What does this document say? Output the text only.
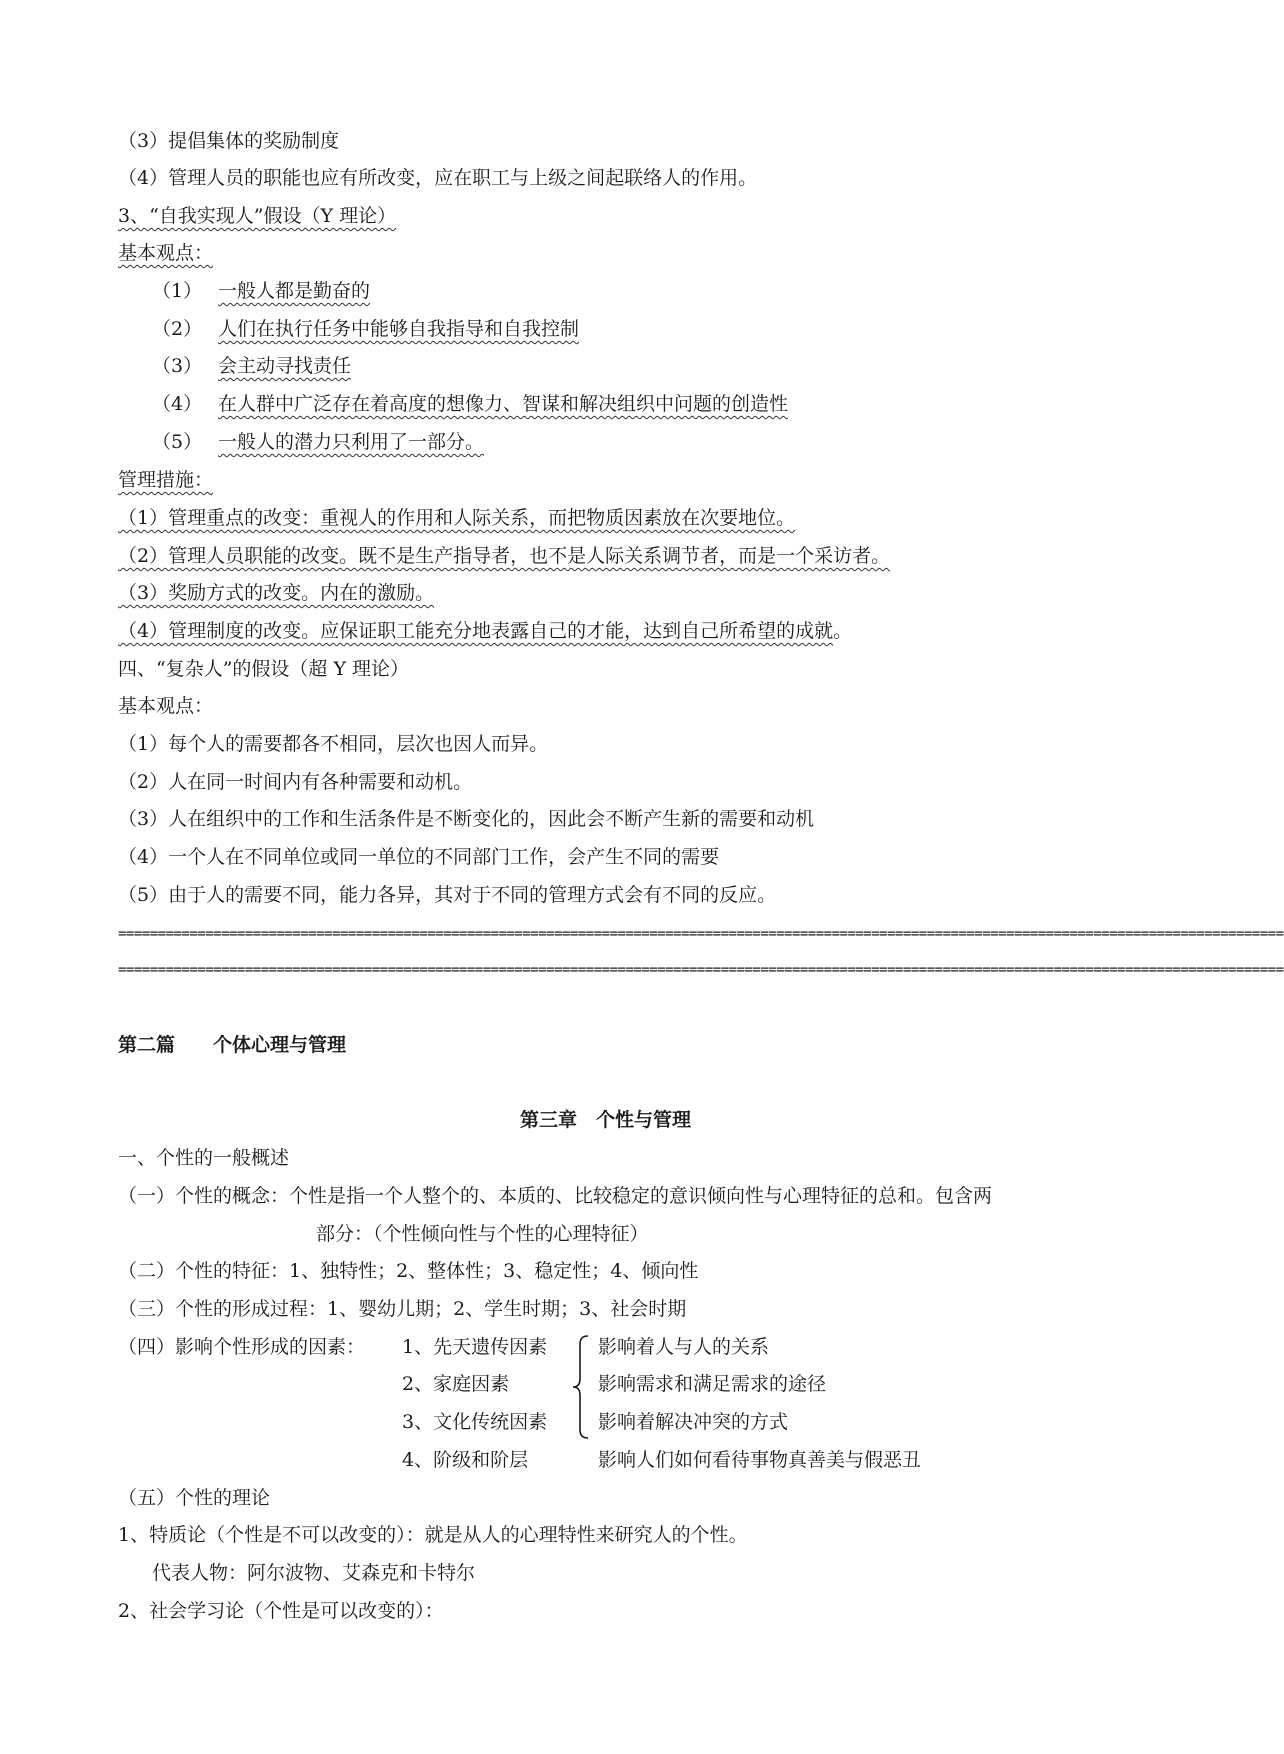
（3）提倡集体的奖励制度
（4）管理人员的职能也应有所改变，应在职工与上级之间起联络人的作用。
3、“自我实现人”假设（Y 理论）
基本观点：
（1） 一般人都是勤奋的
（2） 人们在执行任务中能够自我指导和自我控制
（3） 会主动寻找责任
（4） 在人群中广泛存在着高度的想像力、智谋和解决组织中问题的创造性
（5） 一般人的潜力只利用了一部分。
管理措施：
（1）管理重点的改变：重视人的作用和人际关系，而把物质因素放在次要地位。
（2）管理人员职能的改变。既不是生产指导者，也不是人际关系调节者，而是一个采访者。
（3）奖励方式的改变。内在的激励。
（4）管理制度的改变。应保证职工能充分地表露自己的才能，达到自己所希望的成就。
四、“复杂人”的假设（超 Y 理论）
基本观点：
（1）每个人的需要都各不相同，层次也因人而异。
（2）人在同一时间内有各种需要和动机。
（3）人在组织中的工作和生活条件是不断变化的，因此会不断产生新的需要和动机
（4）一个人在不同单位或同一单位的不同部门工作，会产生不同的需要
（5）由于人的需要不同，能力各异，其对于不同的管理方式会有不同的反应。
===================================================================================================================================================
===================================================================================================================================================
第二篇　　个体心理与管理
第三章　个性与管理
一、个性的一般概述
（一）个性的概念：个性是指一个人整个的、本质的、比较稳定的意识倾向性与心理特征的总和。包含两
部分：（个性倾向性与个性的心理特征）
（二）个性的特征：1、独特性；2、整体性；3、稳定性；4、倾向性
（三）个性的形成过程：1、婴幼儿期；2、学生时期；3、社会时期
（四）影响个性形成的因素： 1、先天遗传因素
2、家庭因素
3、文化传统因素
4、阶级和阶层
影响着人与人的关系
影响需求和满足需求的途径
影响着解决冲突的方式
影响人们如何看待事物真善美与假恶丑
（五）个性的理论
1、特质论（个性是不可以改变的）：就是从人的心理特性来研究人的个性。
代表人物：阿尔波物、艾森克和卡特尔
2、社会学习论（个性是可以改变的）：
